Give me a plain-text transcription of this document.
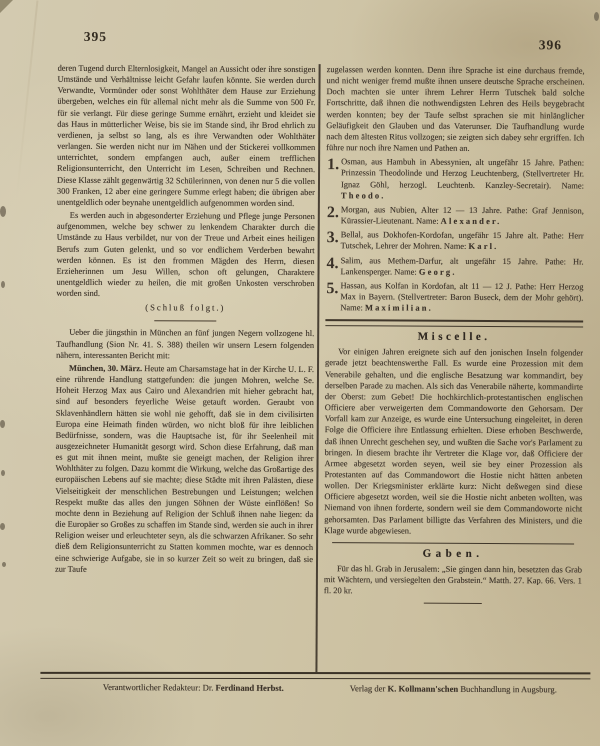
395
396

deren Tugend durch Elternlosigkeit, Mangel an Aussicht oder ihre sonstigen Umstände und Verhältnisse leicht Gefahr laufen könnte. Sie werden durch Verwandte, Vormünder oder sonst Wohlthäter dem Hause zur Erziehung übergeben, welches ein für allemal nicht mehr als die Summe von 500 Fr. für sie verlangt. Für diese geringe Summe ernährt, erzieht und kleidet sie das Haus in mütterlicher Weise, bis sie im Stande sind, ihr Brod ehrlich zu verdienen, ja selbst so lang, als es ihre Verwandten oder Wohlthäter verlangen. Sie werden nicht nur im Nähen und der Stickerei vollkommen unterrichtet, sondern empfangen auch, außer einem trefflichen Religionsunterricht, den Unterricht im Lesen, Schreiben und Rechnen. Diese Klasse zählt gegenwärtig 32 Schülerinnen, von denen nur 5 die vollen 300 Franken, 12 aber eine geringere Summe erlegt haben; die übrigen aber unentgeldlich oder beynahe unentgeldlich aufgenommen worden sind.

Es werden auch in abgesonderter Erziehung und Pflege junge Personen aufgenommen, welche bey schwer zu lenkendem Charakter durch die Umstände zu Haus verbildet, nur von der Treue und Arbeit eines heiligen Berufs zum Guten gelenkt, und so vor endlichem Verderben bewahrt werden können. Es ist den frommen Mägden des Herrn, diesen Erzieherinnen um Jesu Willen, schon oft gelungen, Charaktere unentgeldlich wieder zu heilen, die mit großen Unkosten verschroben worden sind.

(Schluß folgt.)

Ueber die jüngsthin in München an fünf jungen Negern vollzogene hl. Taufhandlung (Sion Nr. 41. S. 388) theilen wir unsern Lesern folgenden nähern, interessanten Bericht mit:

München, 30. März. Heute am Charsamstage hat in der Kirche U. L. F. eine rührende Handlung stattgefunden: die jungen Mohren, welche Se. Hoheit Herzog Max aus Cairo und Alexandrien mit hieher gebracht hat, sind auf besonders feyerliche Weise getauft worden. Geraubt von Sklavenhändlern hätten sie wohl nie gehofft, daß sie in dem civilisirten Europa eine Heimath finden würden, wo nicht bloß für ihre leiblichen Bedürfnisse, sondern, was die Hauptsache ist, für ihr Seelenheil mit ausgezeichneter Humanität gesorgt wird. Schon diese Erfahrung, daß man es gut mit ihnen meint, mußte sie geneigt machen, der Religion ihrer Wohlthäter zu folgen. Dazu kommt die Wirkung, welche das Großartige des europäischen Lebens auf sie machte; diese Städte mit ihren Palästen, diese Vielseitigkeit der menschlichen Bestrebungen und Leistungen; welchen Respekt mußte das alles den jungen Söhnen der Wüste einflößen! So mochte denn in Beziehung auf Religion der Schluß ihnen nahe liegen: da die Europäer so Großes zu schaffen im Stande sind, werden sie auch in ihrer Religion weiser und erleuchteter seyn, als die schwarzen Afrikaner. So sehr dieß dem Religionsunterricht zu Statten kommen mochte, war es dennoch eine schwierige Aufgabe, sie in so kurzer Zeit so weit zu bringen, daß sie zur Taufe

zugelassen werden konnten. Denn ihre Sprache ist eine durchaus fremde, und nicht weniger fremd mußte ihnen unsere deutsche Sprache erscheinen. Doch machten sie unter ihrem Lehrer Herrn Tutschek bald solche Fortschritte, daß ihnen die nothwendigsten Lehren des Heils beygebracht werden konnten; bey der Taufe selbst sprachen sie mit hinlänglicher Geläufigkeit den Glauben und das Vaterunser. Die Taufhandlung wurde nach dem ältesten Ritus vollzogen; sie zeigten sich dabey sehr ergriffen. Ich führe nur noch ihre Namen und Pathen an.

1. Osman, aus Hambuh in Abessynien, alt ungefähr 15 Jahre. Pathen: Prinzessin Theodolinde und Herzog Leuchtenberg, (Stellvertreter Hr. Ignaz Göhl, herzogl. Leuchtenb. Kanzley-Secretair). Name: Theodo.

2. Morgan, aus Nubien, Alter 12 — 13 Jahre. Pathe: Graf Jennison, Kürassier-Lieutenant. Name: Alexander.

3. Bellal, aus Dokhofen-Kordofan, ungefähr 15 Jahre alt. Pathe: Herr Tutschek, Lehrer der Mohren. Name: Karl.

4. Salim, aus Methem-Darfur, alt ungefähr 15 Jahre. Pathe: Hr. Lankensperger. Name: Georg.

5. Hassan, aus Kolfan in Kordofan, alt 11 — 12 J. Pathe: Herr Herzog Max in Bayern. (Stellvertreter: Baron Buseck, dem der Mohr gehört). Name: Maximilian.

Miscelle.

Vor einigen Jahren ereignete sich auf den jonischen Inseln folgender gerade jetzt beachtenswerthe Fall. Es wurde eine Prozession mit dem Venerabile gehalten, und die englische Besatzung war kommandirt, bey derselben Parade zu machen. Als sich das Venerabile näherte, kommandirte der Oberst: zum Gebet! Die hochkirchlich-protestantischen englischen Officiere aber verweigerten dem Commandoworte den Gehorsam. Der Vorfall kam zur Anzeige, es wurde eine Untersuchung eingeleitet, in deren Folge die Officiere ihre Entlassung erhielten. Diese erhoben Beschwerde, daß ihnen Unrecht geschehen sey, und wußten die Sache vor's Parlament zu bringen. In diesem brachte ihr Vertreter die Klage vor, daß Officiere der Armee abgesetzt worden seyen, weil sie bey einer Prozession als Protestanten auf das Commandowort die Hostie nicht hätten anbeten wollen. Der Kriegsminister erklärte kurz: Nicht deßwegen sind diese Officiere abgesetzt worden, weil sie die Hostie nicht anbeten wollten, was Niemand von ihnen forderte, sondern weil sie dem Commandoworte nicht gehorsamten. Das Parlament billigte das Verfahren des Ministers, und die Klage wurde abgewiesen.

Gaben.

Für das hl. Grab in Jerusalem: „Sie gingen dann hin, besetzten das Grab mit Wächtern, und versiegelten den Grabstein.“ Matth. 27. Kap. 66. Vers. 1 fl. 20 kr.

Verantwortlicher Redakteur: Dr. Ferdinand Herbst.	Verlag der K. Kollmann'schen Buchhandlung in Augsburg.
